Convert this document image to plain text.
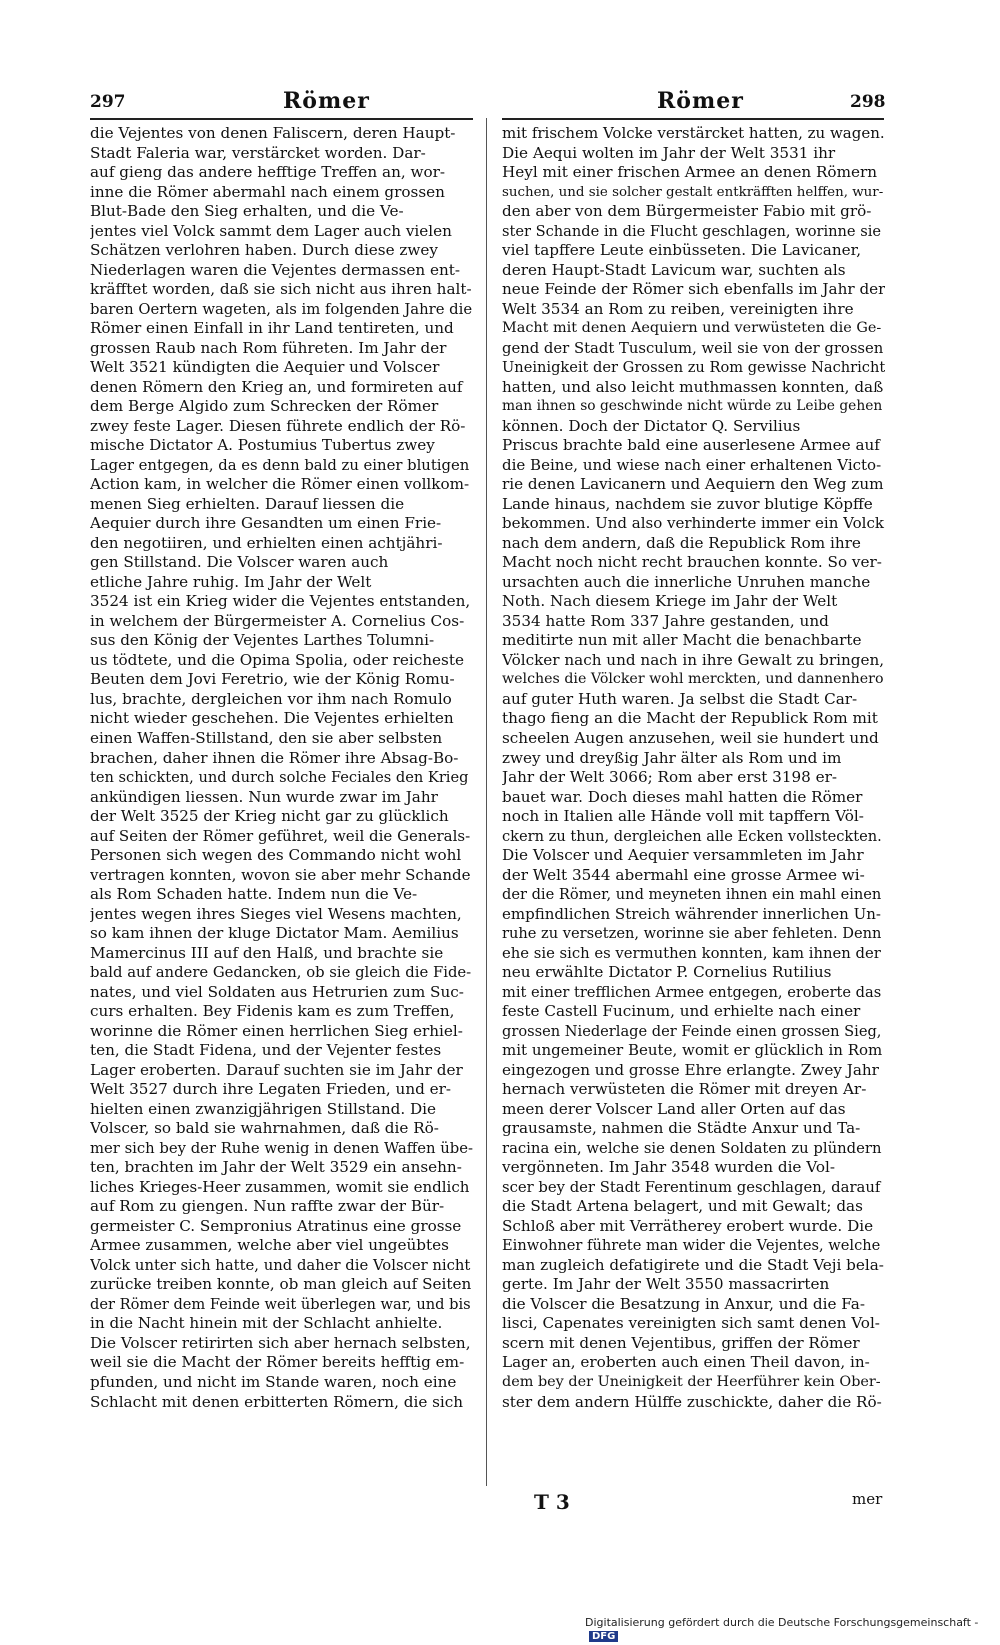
297	Römer	Römer	298
die Vejentes von denen Faliscern, deren Haupt-
Stadt Faleria war, verstärcket worden. Dar-
auf gieng das andere hefftige Treffen an, wor-
inne die Römer abermahl nach einem grossen
Blut-Bade den Sieg erhalten, und die Ve-
jentes viel Volck sammt dem Lager auch vielen
Schätzen verlohren haben. Durch diese zwey
Niederlagen waren die Vejentes dermassen ent-
kräfftet worden, daß sie sich nicht aus ihren halt-
baren Oertern wageten, als im folgenden Jahre die
Römer einen Einfall in ihr Land tentireten, und
grossen Raub nach Rom führeten. Im Jahr der
Welt 3521 kündigten die Aequier und Volscer
denen Römern den Krieg an, und formireten auf
dem Berge Algido zum Schrecken der Römer
zwey feste Lager. Diesen führete endlich der Rö-
mische Dictator A. Postumius Tubertus zwey
Lager entgegen, da es denn bald zu einer blutigen
Action kam, in welcher die Römer einen vollkom-
menen Sieg erhielten. Darauf liessen die
Aequier durch ihre Gesandten um einen Frie-
den negotiiren, und erhielten einen achtjähri-
gen Stillstand. Die Volscer waren auch
etliche Jahre ruhig. Im Jahr der Welt
3524 ist ein Krieg wider die Vejentes entstanden,
in welchem der Bürgermeister A. Cornelius Cos-
sus den König der Vejentes Larthes Tolumni-
us tödtete, und die Opima Spolia, oder reicheste
Beuten dem Jovi Feretrio, wie der König Romu-
lus, brachte, dergleichen vor ihm nach Romulo
nicht wieder geschehen. Die Vejentes erhielten
einen Waffen-Stillstand, den sie aber selbsten
brachen, daher ihnen die Römer ihre Absag-Bo-
ten schickten, und durch solche Feciales den Krieg
ankündigen liessen. Nun wurde zwar im Jahr
der Welt 3525 der Krieg nicht gar zu glücklich
auf Seiten der Römer geführet, weil die Generals-
Personen sich wegen des Commando nicht wohl
vertragen konnten, wovon sie aber mehr Schande
als Rom Schaden hatte. Indem nun die Ve-
jentes wegen ihres Sieges viel Wesens machten,
so kam ihnen der kluge Dictator Mam. Aemilius
Mamercinus III auf den Halß, und brachte sie
bald auf andere Gedancken, ob sie gleich die Fide-
nates, und viel Soldaten aus Hetrurien zum Suc-
curs erhalten. Bey Fidenis kam es zum Treffen,
worinne die Römer einen herrlichen Sieg erhiel-
ten, die Stadt Fidena, und der Vejenter festes
Lager eroberten. Darauf suchten sie im Jahr der
Welt 3527 durch ihre Legaten Frieden, und er-
hielten einen zwanzigjährigen Stillstand. Die
Volscer, so bald sie wahrnahmen, daß die Rö-
mer sich bey der Ruhe wenig in denen Waffen übe-
ten, brachten im Jahr der Welt 3529 ein ansehn-
liches Krieges-Heer zusammen, womit sie endlich
auf Rom zu giengen. Nun raffte zwar der Bür-
germeister C. Sempronius Atratinus eine grosse
Armee zusammen, welche aber viel ungeübtes
Volck unter sich hatte, und daher die Volscer nicht
zurücke treiben konnte, ob man gleich auf Seiten
der Römer dem Feinde weit überlegen war, und bis
in die Nacht hinein mit der Schlacht anhielte.
Die Volscer retirirten sich aber hernach selbsten,
weil sie die Macht der Römer bereits hefftig em-
pfunden, und nicht im Stande waren, noch eine
Schlacht mit denen erbitterten Römern, die sich
mit frischem Volcke verstärcket hatten, zu wagen.
Die Aequi wolten im Jahr der Welt 3531 ihr
Heyl mit einer frischen Armee an denen Römern
suchen, und sie solcher gestalt entkräfften helffen, wur-
den aber von dem Bürgermeister Fabio mit grö-
ster Schande in die Flucht geschlagen, worinne sie
viel tapffere Leute einbüsseten. Die Lavicaner,
deren Haupt-Stadt Lavicum war, suchten als
neue Feinde der Römer sich ebenfalls im Jahr der
Welt 3534 an Rom zu reiben, vereinigten ihre
Macht mit denen Aequiern und verwüsteten die Ge-
gend der Stadt Tusculum, weil sie von der grossen
Uneinigkeit der Grossen zu Rom gewisse Nachricht
hatten, und also leicht muthmassen konnten, daß
man ihnen so geschwinde nicht würde zu Leibe gehen
können. Doch der Dictator Q. Servilius
Priscus brachte bald eine auserlesene Armee auf
die Beine, und wiese nach einer erhaltenen Victo-
rie denen Lavicanern und Aequiern den Weg zum
Lande hinaus, nachdem sie zuvor blutige Köpffe
bekommen. Und also verhinderte immer ein Volck
nach dem andern, daß die Republick Rom ihre
Macht noch nicht recht brauchen konnte. So ver-
ursachten auch die innerliche Unruhen manche
Noth. Nach diesem Kriege im Jahr der Welt
3534 hatte Rom 337 Jahre gestanden, und
meditirte nun mit aller Macht die benachbarte
Völcker nach und nach in ihre Gewalt zu bringen,
welches die Völcker wohl merckten, und dannenhero
auf guter Huth waren. Ja selbst die Stadt Car-
thago fieng an die Macht der Republick Rom mit
scheelen Augen anzusehen, weil sie hundert und
zwey und dreyßig Jahr älter als Rom und im
Jahr der Welt 3066; Rom aber erst 3198 er-
bauet war. Doch dieses mahl hatten die Römer
noch in Italien alle Hände voll mit tapffern Völ-
ckern zu thun, dergleichen alle Ecken vollsteckten.
Die Volscer und Aequier versammleten im Jahr
der Welt 3544 abermahl eine grosse Armee wi-
der die Römer, und meyneten ihnen ein mahl einen
empfindlichen Streich währender innerlichen Un-
ruhe zu versetzen, worinne sie aber fehleten. Denn
ehe sie sich es vermuthen konnten, kam ihnen der
neu erwählte Dictator P. Cornelius Rutilius
mit einer trefflichen Armee entgegen, eroberte das
feste Castell Fucinum, und erhielte nach einer
grossen Niederlage der Feinde einen grossen Sieg,
mit ungemeiner Beute, womit er glücklich in Rom
eingezogen und grosse Ehre erlangte. Zwey Jahr
hernach verwüsteten die Römer mit dreyen Ar-
meen derer Volscer Land aller Orten auf das
grausamste, nahmen die Städte Anxur und Ta-
racina ein, welche sie denen Soldaten zu plündern
vergönneten. Im Jahr 3548 wurden die Vol-
scer bey der Stadt Ferentinum geschlagen, darauf
die Stadt Artena belagert, und mit Gewalt; das
Schloß aber mit Verrätherey erobert wurde. Die
Einwohner führete man wider die Vejentes, welche
man zugleich defatigirete und die Stadt Veji bela-
gerte. Im Jahr der Welt 3550 massacrirten
die Volscer die Besatzung in Anxur, und die Fa-
lisci, Capenates vereinigten sich samt denen Vol-
scern mit denen Vejentibus, griffen der Römer
Lager an, eroberten auch einen Theil davon, in-
dem bey der Uneinigkeit der Heerführer kein Ober-
ster dem andern Hülffe zuschickte, daher die Rö-
T 3	mer
Digitalisierung gefördert durch die Deutsche Forschungsgemeinschaft -DFG
